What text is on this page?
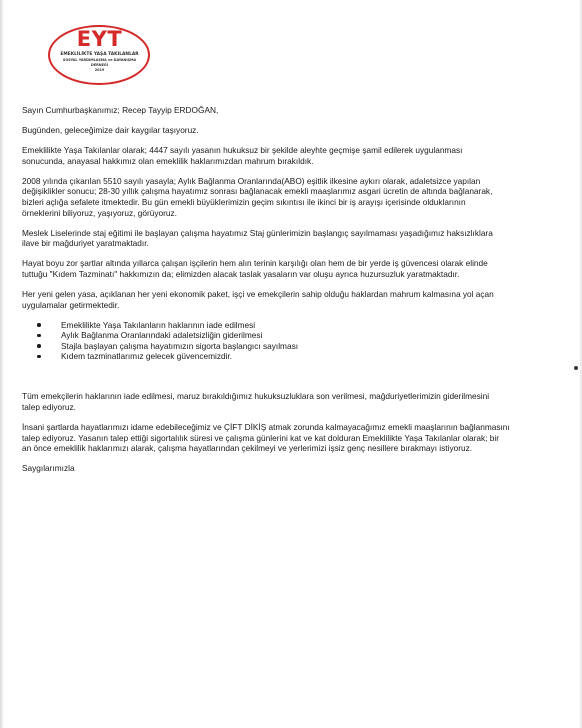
EYT
EMEKLİLİKTE YAŞA TAKILANLAR
SOSYAL YARDIMLAŞMA ve DAYANIŞMA
DERNEĞİ
2019

Sayın Cumhurbaşkanımız; Recep Tayyip ERDOĞAN,

Bugünden, geleceğimize dair kaygılar taşıyoruz.

Emeklilikte Yaşa Takılanlar olarak; 4447 sayılı yasanın hukuksuz bir şekilde aleyhte geçmişe şamil edilerek uygulanması
sonucunda, anayasal hakkımız olan emeklilik haklarımızdan mahrum bırakıldık.

2008 yılında çıkarılan 5510 sayılı yasayla; Aylık Bağlanma Oranlarında(ABO) eşitlik ilkesine aykırı olarak, adaletsizce yapılan
değişiklikler sonucu; 28-30 yıllık çalışma hayatımız sonrası bağlanacak emekli maaşlarımız asgari ücretin de altında bağlanarak,
bizleri açlığa sefalete itmektedir. Bu gün emekli büyüklerimizin geçim sıkıntısı ile ikinci bir iş arayışı içerisinde olduklarının
örneklerini biliyoruz, yaşıyoruz, görüyoruz.

Meslek Liselerinde staj eğitimi ile başlayan çalışma hayatımız Staj günlerimizin başlangıç sayılmaması yaşadığımız haksızlıklara
ilave bir mağduriyet yaratmaktadır.

Hayat boyu zor şartlar altında yıllarca çalışan işçilerin hem alın terinin karşılığı olan hem de bir yerde iş güvencesi olarak elinde
tuttuğu "Kıdem Tazminatı" hakkımızın da; elimizden alacak taslak yasaların var oluşu ayrıca huzursuzluk yaratmaktadır.

Her yeni gelen yasa, açıklanan her yeni ekonomik paket, işçi ve emekçilerin sahip olduğu haklardan mahrum kalmasına yol açan
uygulamalar getirmektedir.

Emeklilikte Yaşa Takılanların haklarının iade edilmesi
Aylık Bağlanma Oranlarındaki adaletsizliğin giderilmesi
Stajla başlayan çalışma hayatımızın sigorta başlangıcı sayılması
Kıdem tazminatlarımız gelecek güvencemizdir.

Tüm emekçilerin haklarının iade edilmesi, maruz bırakıldığımız hukuksuzluklara son verilmesi, mağduriyetlerimizin giderilmesini
talep ediyoruz.

İnsani şartlarda hayatlarımızı idame edebileceğimiz ve ÇİFT DİKİŞ atmak zorunda kalmayacağımız emekli maaşlarının bağlanmasını
talep ediyoruz. Yasanın talep ettiği sigortalılık süresi ve çalışma günlerini kat ve kat dolduran Emeklilikte Yaşa Takılanlar olarak; bir
an önce emeklilik haklarımızı alarak, çalışma hayatlarından çekilmeyi ve yerlerimizi işsiz genç nesillere bırakmayı istiyoruz.

Saygılarımızla
